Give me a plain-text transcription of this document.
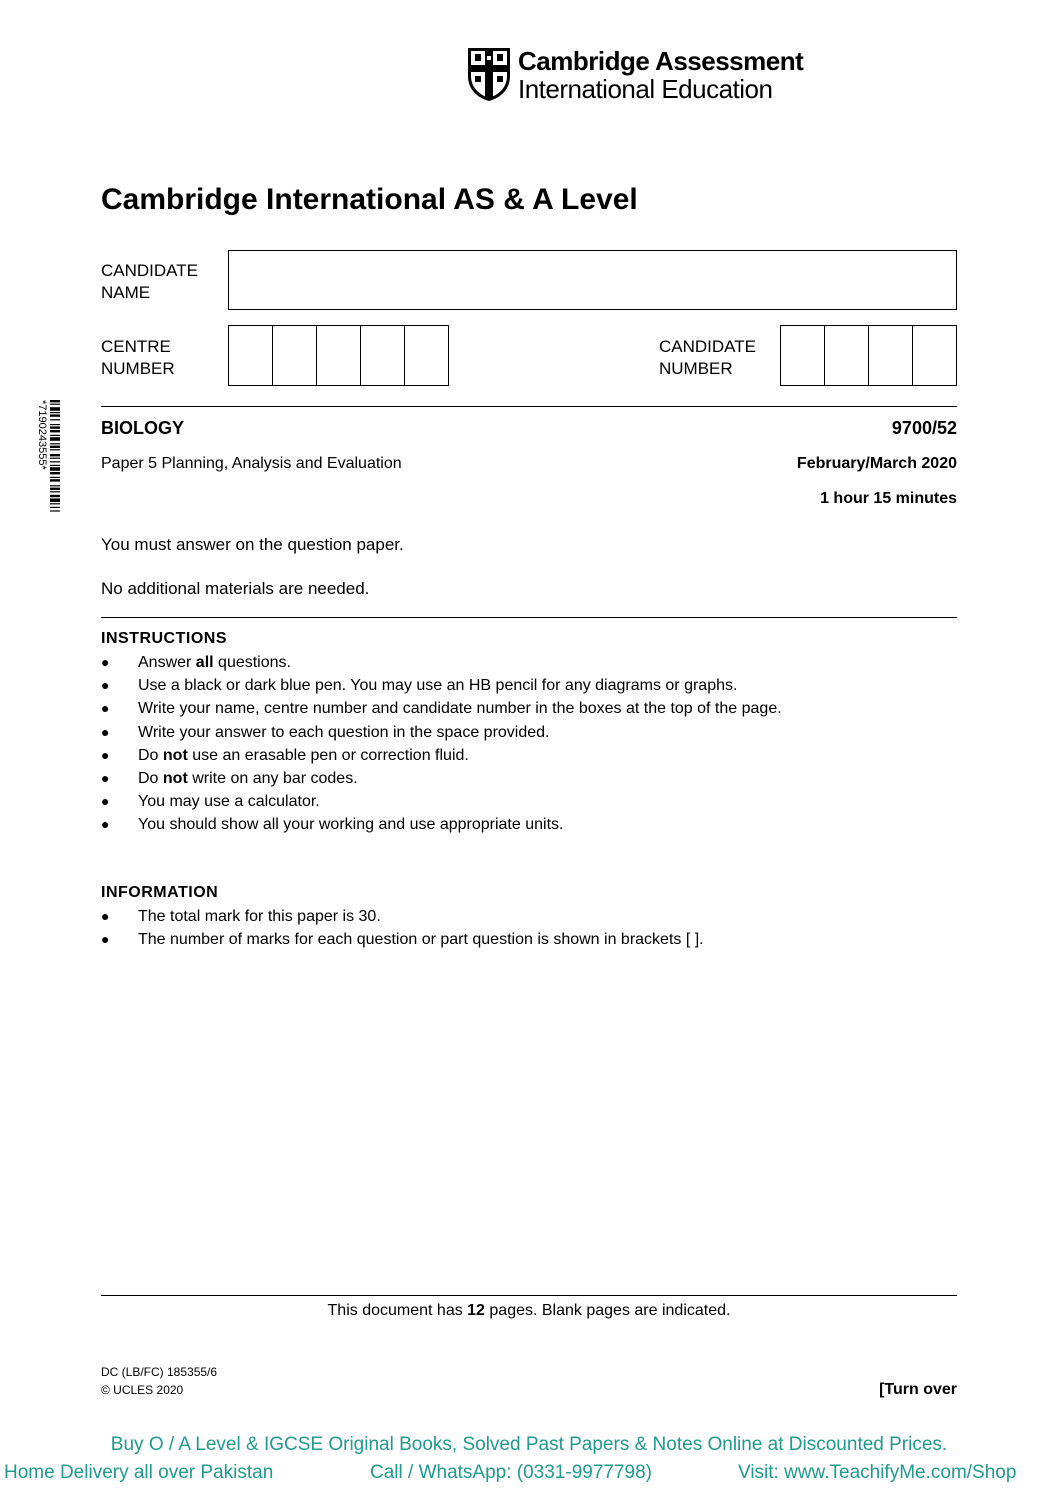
Cambridge Assessment
International Education
Cambridge International AS & A Level
CANDIDATE
NAME
CENTRE
NUMBER
CANDIDATE
NUMBER
*7190243555*	BIOLOGY	9700/52
Paper 5 Planning, Analysis and Evaluation	February/March 2020
1 hour 15 minutes
You must answer on the question paper.
No additional materials are needed.
INSTRUCTIONS
● Answer all questions.
● Use a black or dark blue pen. You may use an HB pencil for any diagrams or graphs.
● Write your name, centre number and candidate number in the boxes at the top of the page.
● Write your answer to each question in the space provided.
● Do not use an erasable pen or correction fluid.
● Do not write on any bar codes.
● You may use a calculator.
● You should show all your working and use appropriate units.
INFORMATION
● The total mark for this paper is 30.
● The number of marks for each question or part question is shown in brackets [ ].
This document has 12 pages. Blank pages are indicated.
DC (LB/FC) 185355/6
© UCLES 2020	[Turn over
Buy O / A Level & IGCSE Original Books, Solved Past Papers & Notes Online at Discounted Prices.
Home Delivery all over Pakistan	Call / WhatsApp: (0331-9977798)	Visit: www.TeachifyMe.com/Shop
